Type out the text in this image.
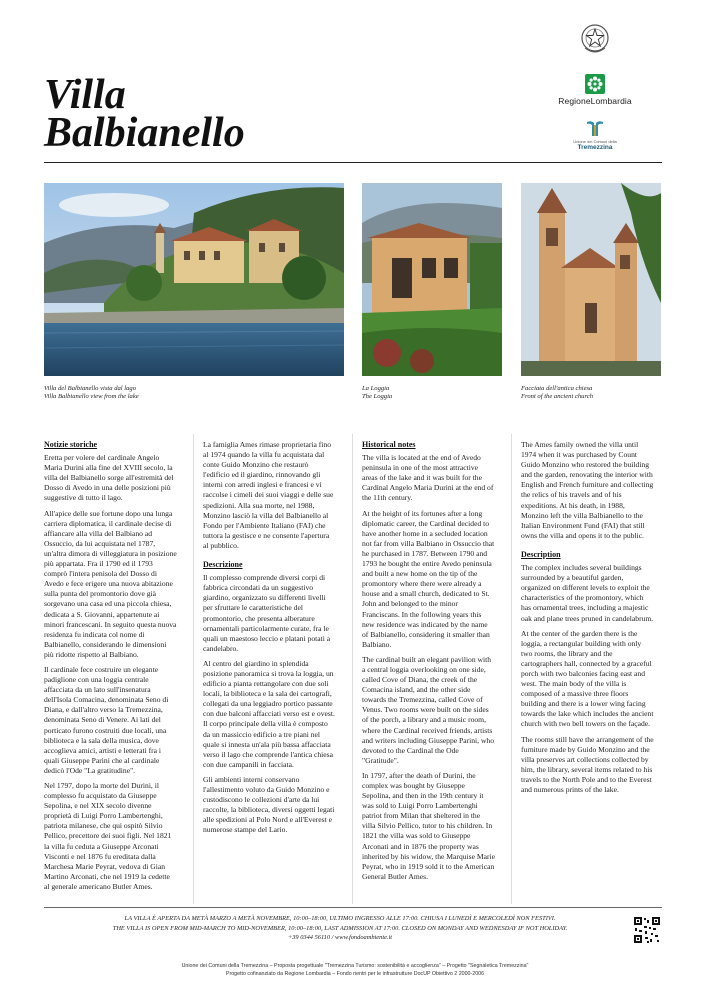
Villa
Balbianello
RegioneLombardia
Unione dei Comuni della
Tremezzina
Villa del Balbianello vista dal lago
Villa Balbianello view from the lake
La Loggia
The Loggia
Facciata dell'antica chiesa
Front of the ancient church
Notizie storiche

Eretta per volere del cardinale Angelo Maria Durini alla fine del XVIII secolo, la villa del Balbianello sorge all'estremità del Dosso di Avedo in una delle posizioni più suggestive di tutto il lago.

All'apice delle sue fortune dopo una lunga carriera diplomatica, il cardinale decise di affiancare alla villa del Balbiano ad Ossuccio, da lui acquistata nel 1787, un'altra dimora di villeggiatura in posizione più appartata. Fra il 1790 ed il 1793 comprò l'intera penisola del Dosso di Avedo e fece erigere una nuova abitazione sulla punta del promontorio dove già sorgevano una casa ed una piccola chiesa, dedicata a S. Giovanni, appartenute ai minori francescani. In seguito questa nuova residenza fu indicata col nome di Balbianello, considerando le dimensioni più ridotte rispetto al Balbiano.

Il cardinale fece costruire un elegante padiglione con una loggia centrale affacciata da un lato sull'insenatura dell'Isola Comacina, denominata Seno di Diana, e dall'altro verso la Tremezzina, denominata Seno di Venere. Ai lati del porticato furono costruiti due locali, una biblioteca e la sala della musica, dove accoglieva amici, artisti e letterati fra i quali Giuseppe Parini che al cardinale dedicò l'Ode "La gratitudine".

Nel 1797, dopo la morte del Durini, il complesso fu acquistato da Giuseppe Sepolina, e nel XIX secolo divenne proprietà di Luigi Porro Lambertenghi, patriota milanese, che qui ospitò Silvio Pellico, precettore dei suoi figli. Nel 1821 la villa fu ceduta a Giuseppe Arconati Visconti e nel 1876 fu ereditata dalla Marchesa Marie Peyrat, vedova di Gian Martino Arconati, che nel 1919 la cedette al generale americano Butler Ames.

La famiglia Ames rimase proprietaria fino al 1974 quando la villa fu acquistata dal conte Guido Monzino che restaurò l'edificio ed il giardino, rinnovando gli interni con arredi inglesi e francesi e vi raccolse i cimeli dei suoi viaggi e delle sue spedizioni. Alla sua morte, nel 1988, Monzino lasciò la villa del Balbianello al Fondo per l'Ambiente Italiano (FAI) che tuttora la gestisce e ne consente l'apertura al pubblico.

Descrizione

Il complesso comprende diversi corpi di fabbrica circondati da un suggestivo giardino, organizzato su differenti livelli per sfruttare le caratteristiche del promontorio, che presenta alberature ornamentali particolarmente curate, fra le quali un maestoso leccio e platani potati a candelabro.

Al centro del giardino in splendida posizione panoramica si trova la loggia, un edificio a pianta rettangolare con due soli locali, la biblioteca e la sala dei cartografi, collegati da una leggiadro portico passante con due balconi affacciati verso est e ovest. Il corpo principale della villa è composto da un massiccio edificio a tre piani nel quale si innesta un'ala più bassa affacciata verso il lago che comprende l'antica chiesa con due campanili in facciata.

Gli ambienti interni conservano l'allestimento voluto da Guido Monzino e custodiscono le collezioni d'arte da lui raccolte, la biblioteca, diversi oggetti legati alle spedizioni al Polo Nord e all'Everest e numerose stampe del Lario.

Historical notes

The villa is located at the end of Avedo peninsula in one of the most attractive areas of the lake and it was built for the Cardinal Angelo Maria Durini at the end of the 11th century.

At the height of its fortunes after a long diplomatic career, the Cardinal decided to have another home in a secluded location not far from villa Balbiano in Ossuccio that he purchased in 1787. Between 1790 and 1793 he bought the entire Avedo peninsula and built a new home on the tip of the promontory where there were already a house and a small church, dedicated to St. John and belonged to the minor Franciscans. In the following years this new residence was indicated by the name of Balbianello, considering it smaller than Balbiano.

The cardinal built an elegant pavilion with a central loggia overlooking on one side, called Cove of Diana, the creek of the Comacina island, and the other side towards the Tremezzina, called Cove of Venus. Two rooms were built on the sides of the porch, a library and a music room, where the Cardinal received friends, artists and writers including Giuseppe Parini, who devoted to the Cardinal the Ode "Gratitude".

In 1797, after the death of Durini, the complex was bought by Giuseppe Sepolina, and then in the 19th century it was sold to Luigi Porro Lambertenghi patriot from Milan that sheltered in the villa Silvio Pellico, tutor to his children. In 1821 the villa was sold to Giuseppe Arconati and in 1876 the property was inherited by his widow, the Marquise Marie Peyrat, who in 1919 sold it to the American General Butler Ames.

The Ames family owned the villa until 1974 when it was purchased by Count Guido Monzino who restored the building and the garden, renovating the interior with English and French furniture and collecting the relics of his travels and of his expeditions. At his death, in 1988, Monzino left the villa Balbianello to the Italian Environment Fund (FAI) that still owns the villa and opens it to the public.

Description

The complex includes several buildings surrounded by a beautiful garden, organized on different levels to exploit the characteristics of the promontory, which has ornamental trees, including a majestic oak and plane trees pruned in candelabrum.

At the center of the garden there is the loggia, a rectangular building with only two rooms, the library and the cartographers hall, connected by a graceful porch with two balconies facing east and west. The main body of the villa is composed of a massive three floors building and there is a lower wing facing towards the lake which includes the ancient church with two bell towers on the façade.

The rooms still have the arrangement of the furniture made by Guido Monzino and the villa preserves art collections collected by him, the library, several items related to his travels to the North Pole and to the Everest and numerous prints of the lake.

LA VILLA È APERTA DA METÀ MARZO A METÀ NOVEMBRE, 10:00–18:00, ULTIMO INGRESSO ALLE 17:00. CHIUSA I LUNEDÌ E MERCOLEDÌ NON FESTIVI.
THE VILLA IS OPEN FROM MID-MARCH TO MID-NOVEMBER, 10:00–18:00, LAST ADMISSION AT 17:00. CLOSED ON MONDAY AND WEDNESDAY IF NOT HOLIDAY.
+39 0344 56110 / www.fondoambiente.it
Unione dei Comuni della Tremezzina – Proposta progettuale "Tremezzina Turismo: sostenibilità e accoglienza" – Progetto "Segnaletica Tremezzina"
Progetto cofinanziato da Regione Lombardia – Fondo rientri per le infrastrutture DocUP Obiettivo 2 2000-2006
